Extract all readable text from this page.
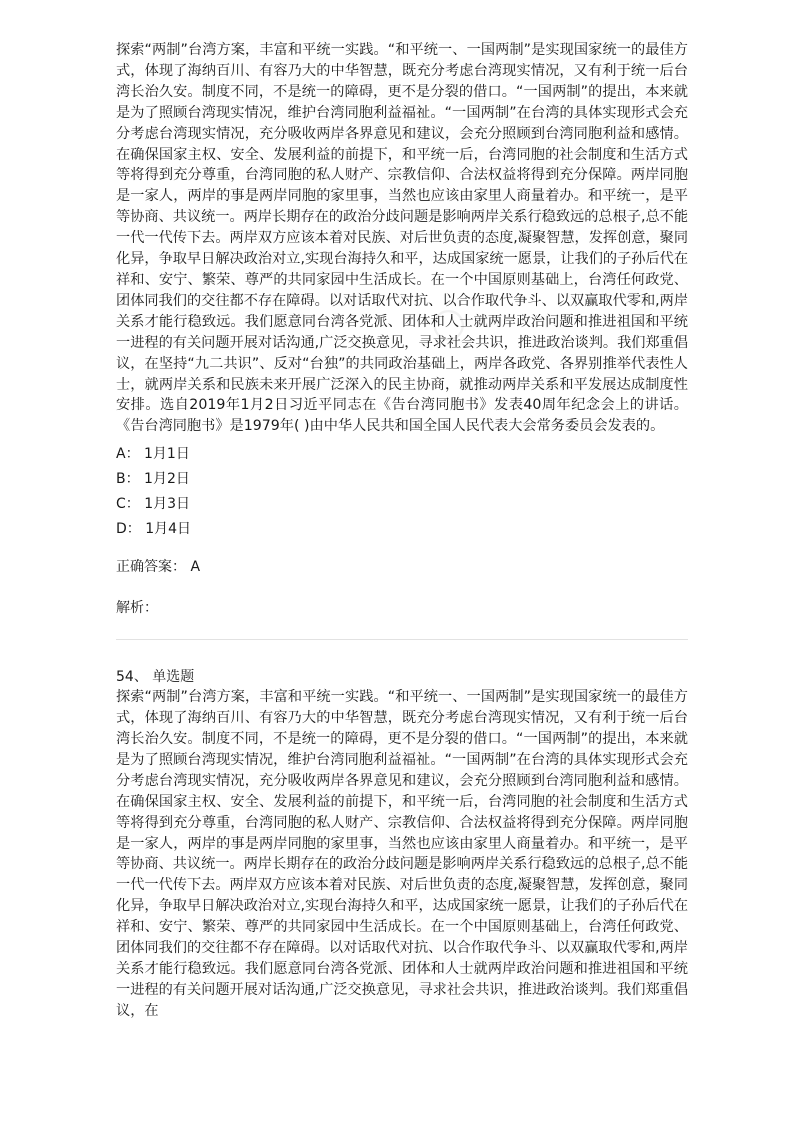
○

探索“两制”台湾方案，丰富和平统一实践。“和平统一、一国两制”是实现国家统一的最佳方式，体现了海纳百川、有容乃大的中华智慧，既充分考虑台湾现实情况，又有利于统一后台湾长治久安。制度不同，不是统一的障碍，更不是分裂的借口。“一国两制”的提出，本来就是为了照顾台湾现实情况，维护台湾同胞利益福祉。“一国两制”在台湾的具体实现形式会充分考虑台湾现实情况，充分吸收两岸各界意见和建议，会充分照顾到台湾同胞利益和感情。在确保国家主权、安全、发展利益的前提下，和平统一后，台湾同胞的社会制度和生活方式等将得到充分尊重，台湾同胞的私人财产、宗教信仰、合法权益将得到充分保障。两岸同胞是一家人，两岸的事是两岸同胞的家里事，当然也应该由家里人商量着办。和平统一，是平等协商、共议统一。两岸长期存在的政治分歧问题是影响两岸关系行稳致远的总根子,总不能一代一代传下去。两岸双方应该本着对民族、对后世负责的态度,凝聚智慧，发挥创意，聚同化异，争取早日解决政治对立,实现台海持久和平，达成国家统一愿景，让我们的子孙后代在祥和、安宁、繁荣、尊严的共同家园中生活成长。在一个中国原则基础上，台湾任何政党、团体同我们的交往都不存在障碍。以对话取代对抗、以合作取代争斗、以双赢取代零和,两岸关系才能行稳致远。我们愿意同台湾各党派、团体和人士就两岸政治问题和推进祖国和平统一进程的有关问题开展对话沟通,广泛交换意见，寻求社会共识，推进政治谈判。我们郑重倡议，在坚持“九二共识”、反对“台独”的共同政治基础上，两岸各政党、各界别推举代表性人士，就两岸关系和民族未来开展广泛深入的民主协商，就推动两岸关系和平发展达成制度性安排。选自2019年1月2日习近平同志在《告台湾同胞书》发表40周年纪念会上的讲话。《告台湾同胞书》是1979年( )由中华人民共和国全国人民代表大会常务委员会发表的。

A： 1月1日
B： 1月2日
C： 1月3日
D： 1月4日
正确答案： A
解析：
54、 单选题

探索“两制”台湾方案，丰富和平统一实践。“和平统一、一国两制”是实现国家统一的最佳方式，体现了海纳百川、有容乃大的中华智慧，既充分考虑台湾现实情况，又有利于统一后台湾长治久安。制度不同，不是统一的障碍，更不是分裂的借口。“一国两制”的提出，本来就是为了照顾台湾现实情况，维护台湾同胞利益福祉。“一国两制”在台湾的具体实现形式会充分考虑台湾现实情况，充分吸收两岸各界意见和建议，会充分照顾到台湾同胞利益和感情。在确保国家主权、安全、发展利益的前提下，和平统一后，台湾同胞的社会制度和生活方式等将得到充分尊重，台湾同胞的私人财产、宗教信仰、合法权益将得到充分保障。两岸同胞是一家人，两岸的事是两岸同胞的家里事，当然也应该由家里人商量着办。和平统一，是平等协商、共议统一。两岸长期存在的政治分歧问题是影响两岸关系行稳致远的总根子,总不能一代一代传下去。两岸双方应该本着对民族、对后世负责的态度,凝聚智慧，发挥创意，聚同化异，争取早日解决政治对立,实现台海持久和平，达成国家统一愿景，让我们的子孙后代在祥和、安宁、繁荣、尊严的共同家园中生活成长。在一个中国原则基础上，台湾任何政党、团体同我们的交往都不存在障碍。以对话取代对抗、以合作取代争斗、以双赢取代零和,两岸关系才能行稳致远。我们愿意同台湾各党派、团体和人士就两岸政治问题和推进祖国和平统一进程的有关问题开展对话沟通,广泛交换意见，寻求社会共识，推进政治谈判。我们郑重倡议，在
